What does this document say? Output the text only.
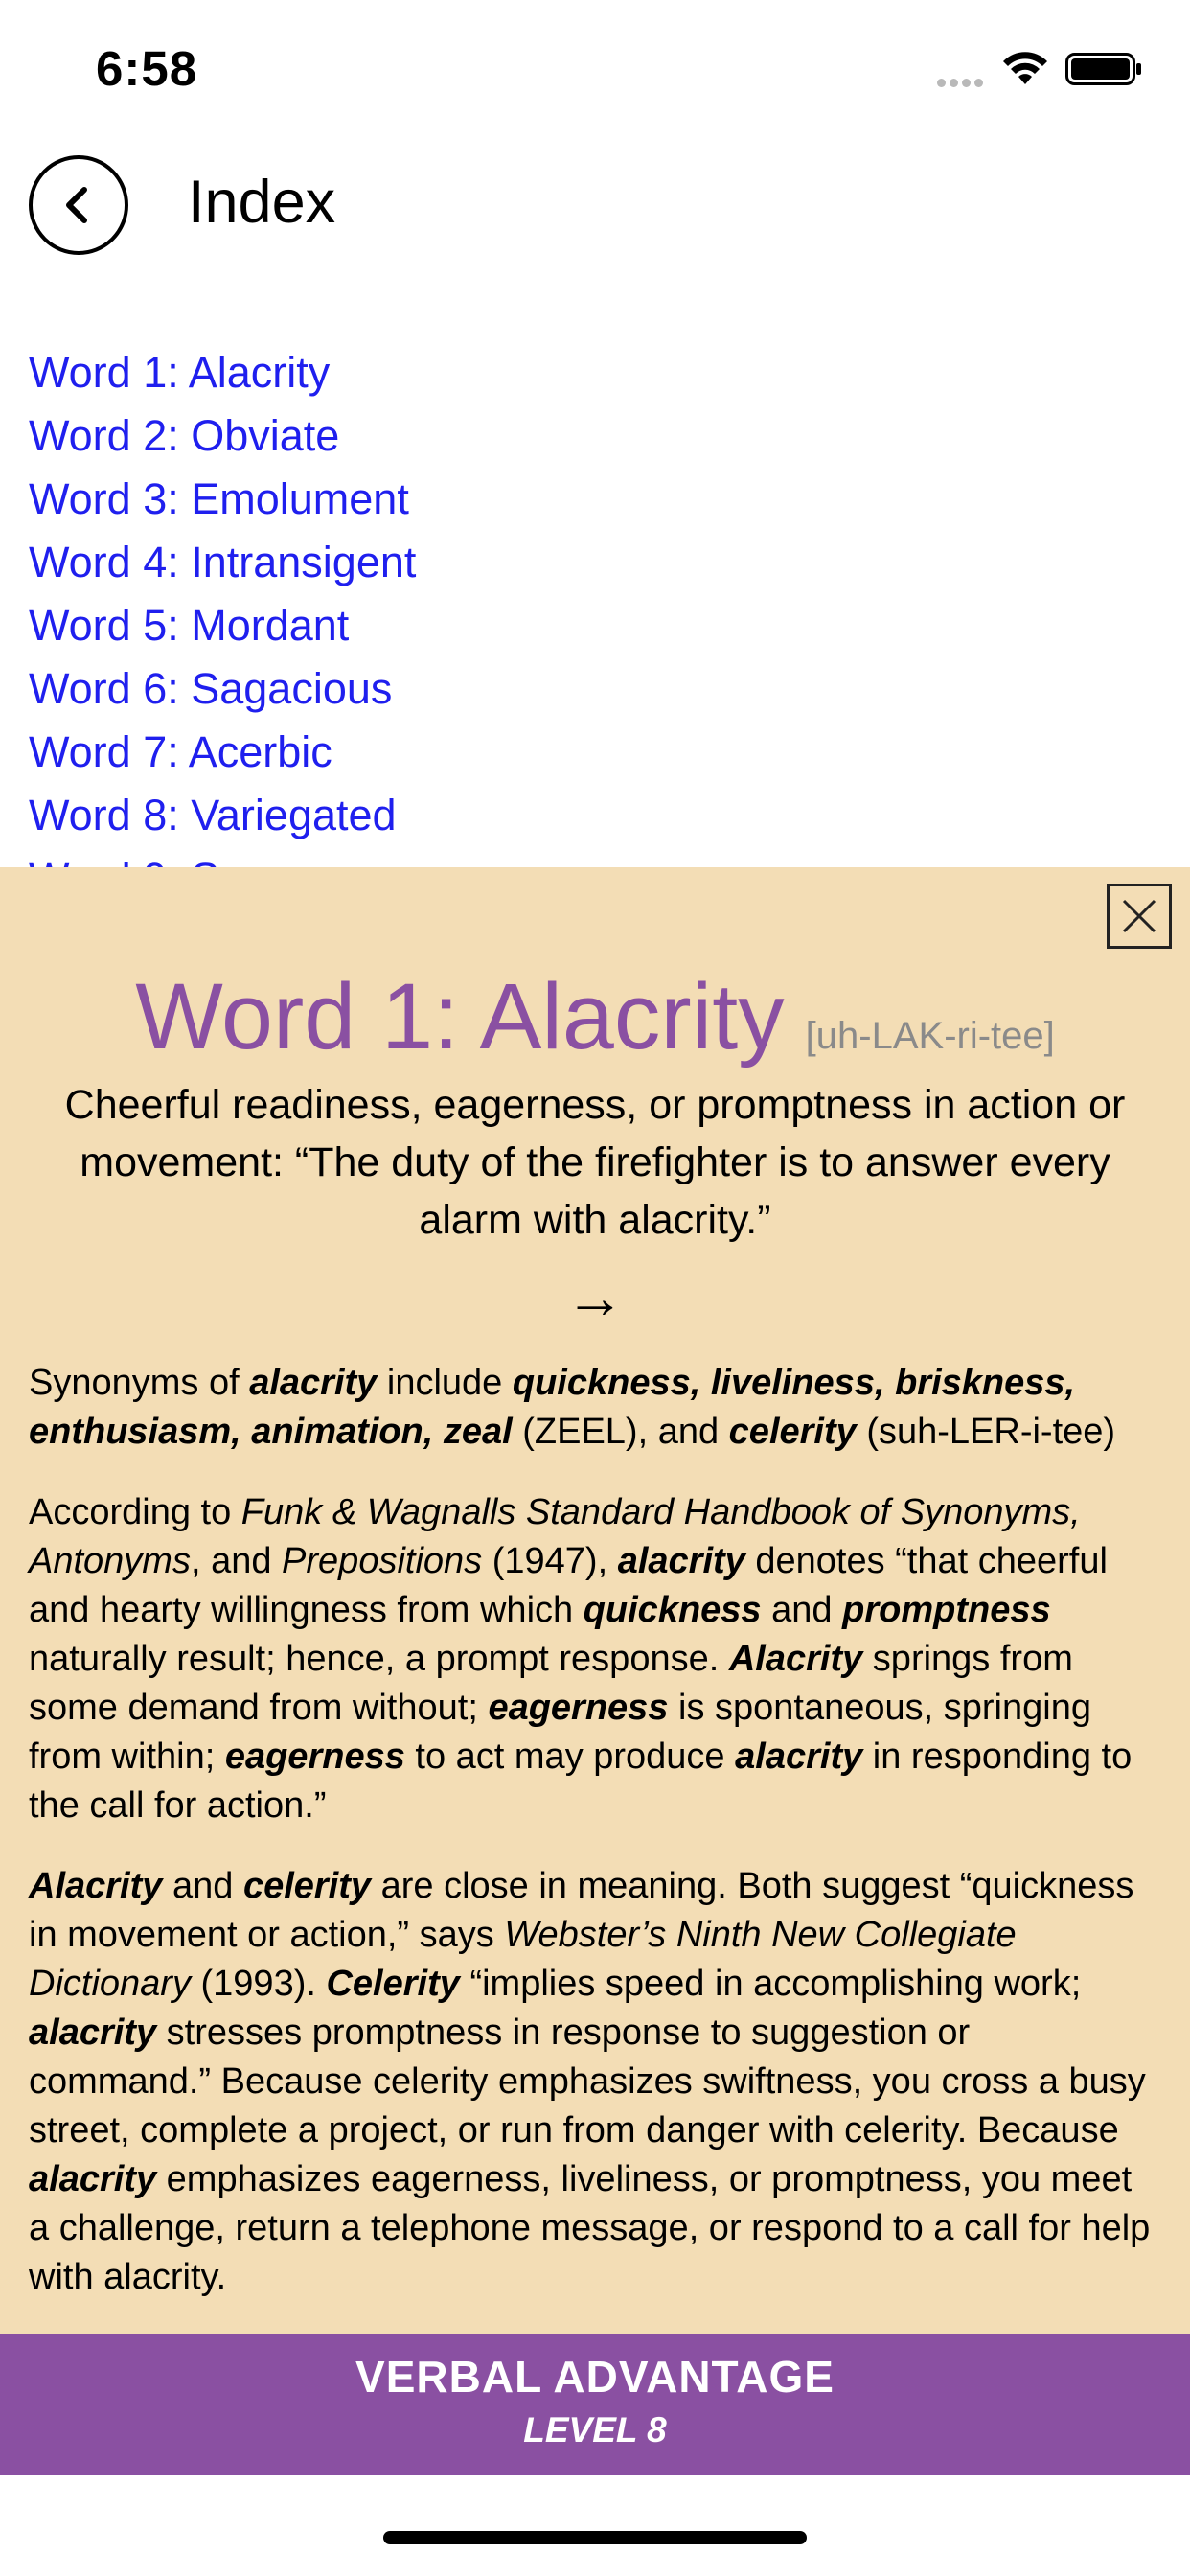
6:58
Index
Word 1: Alacrity
Word 2: Obviate
Word 3: Emolument
Word 4: Intransigent
Word 5: Mordant
Word 6: Sagacious
Word 7: Acerbic
Word 8: Variegated
Word 1: Alacrity [uh-LAK-ri-tee]
Cheerful readiness, eagerness, or promptness in action or movement: “The duty of the firefighter is to answer every alarm with alacrity.”
→

Synonyms of alacrity include quickness, liveliness, briskness, enthusiasm, animation, zeal (ZEEL), and celerity (suh-LER-i-tee)

According to Funk & Wagnalls Standard Handbook of Synonyms, Antonyms, and Prepositions (1947), alacrity denotes “that cheerful and hearty willingness from which quickness and promptness naturally result; hence, a prompt response. Alacrity springs from some demand from without; eagerness is spontaneous, springing from within; eagerness to act may produce alacrity in responding to the call for action.”

Alacrity and celerity are close in meaning. Both suggest “quickness in movement or action,” says Webster’s Ninth New Collegiate Dictionary (1993). Celerity “implies speed in accomplishing work; alacrity stresses promptness in response to suggestion or command.” Because celerity emphasizes swiftness, you cross a busy street, complete a project, or run from danger with celerity. Because alacrity emphasizes eagerness, liveliness, or promptness, you meet a challenge, return a telephone message, or respond to a call for help with alacrity.

VERBAL ADVANTAGE
LEVEL 8
